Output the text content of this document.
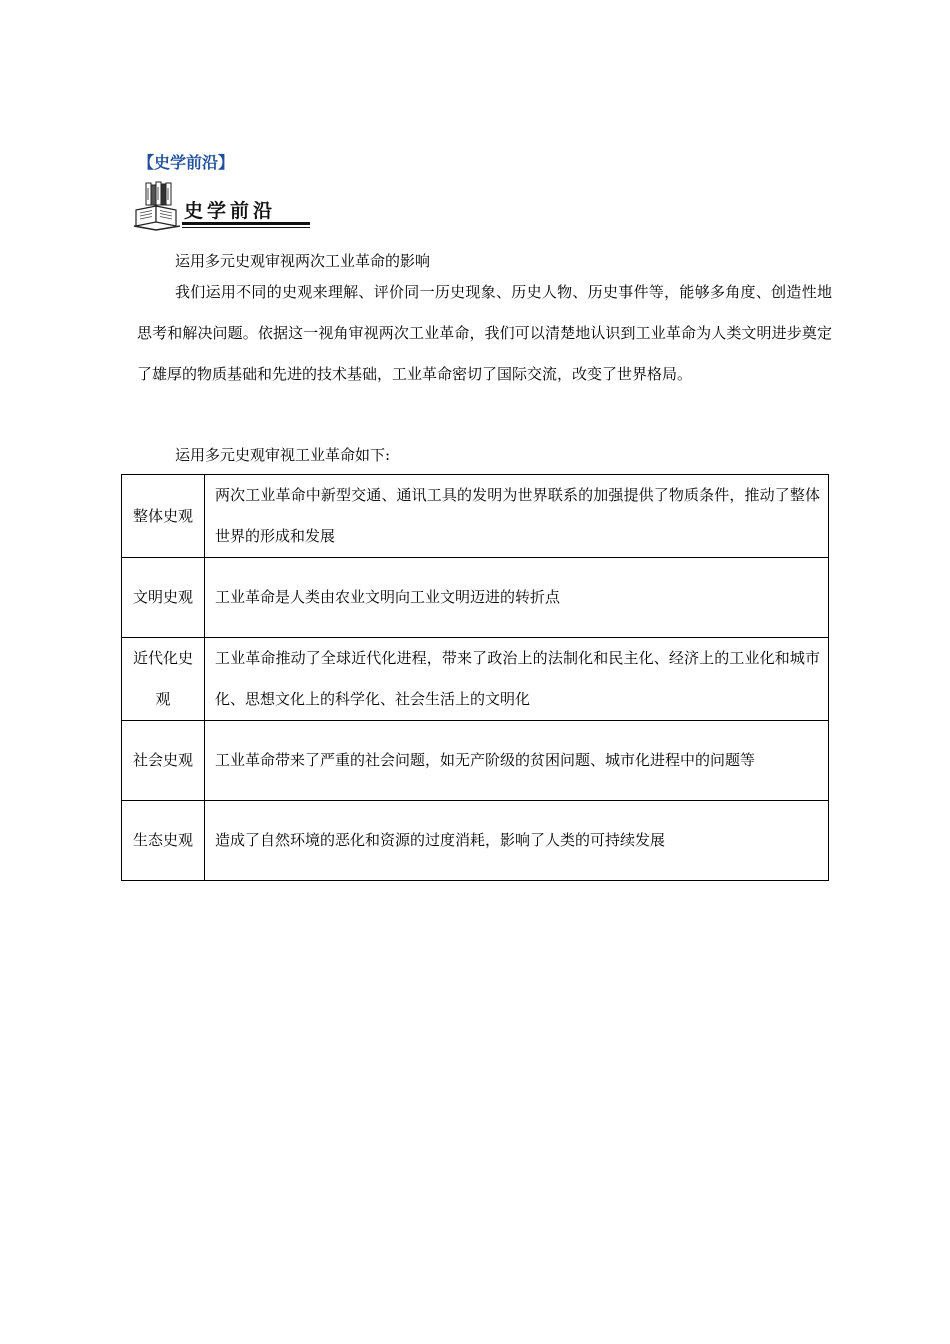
【史学前沿】
史学前沿
运用多元史观审视两次工业革命的影响
我们运用不同的史观来理解、评价同一历史现象、历史人物、历史事件等，能够多角度、创造性地思考和解决问题。依据这一视角审视两次工业革命，我们可以清楚地认识到工业革命为人类文明进步奠定了雄厚的物质基础和先进的技术基础，工业革命密切了国际交流，改变了世界格局。
运用多元史观审视工业革命如下:
整体史观	两次工业革命中新型交通、通讯工具的发明为世界联系的加强提供了物质条件，推动了整体世界的形成和发展
文明史观	工业革命是人类由农业文明向工业文明迈进的转折点
近代化史观	工业革命推动了全球近代化进程，带来了政治上的法制化和民主化、经济上的工业化和城市化、思想文化上的科学化、社会生活上的文明化
社会史观	工业革命带来了严重的社会问题，如无产阶级的贫困问题、城市化进程中的问题等
生态史观	造成了自然环境的恶化和资源的过度消耗，影响了人类的可持续发展
